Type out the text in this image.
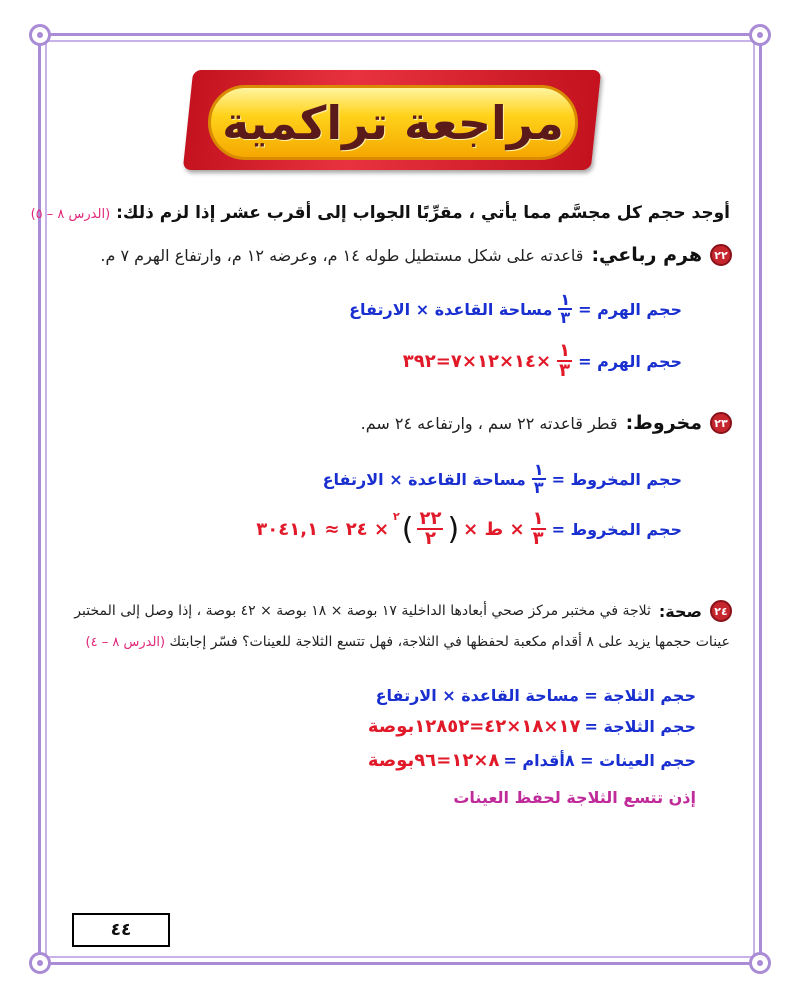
مراجعة تراكمية
أوجد حجم كل مجسَّم مما يأتي ، مقرِّبًا الجواب إلى أقرب عشر إذا لزم ذلك: (الدرس ٨ – ٥)
٢٢
هرم رباعي:
قاعدته على شكل مستطيل طوله ١٤ م، وعرضه ١٢ م، وارتفاع الهرم ٧ م.
حجم الهرم =
$\frac{١}{٣}$
مساحة القاعدة × الارتفاع
حجم الهرم =
$\frac{١}{٣}$
×١٤×١٢×٧=٣٩٢
٢٣
مخروط:
قطر قاعدته ٢٢ سم ، وارتفاعه ٢٤ سم.
حجم المخروط =
$\frac{١}{٣}$
مساحة القاعدة × الارتفاع
حجم المخروط =
$\frac{١}{٣}$
× ط ×
(
$\frac{٢٢}{٢}$
)
٢
× ٢٤ ≈ ٣٠٤١,١
٢٤
صحة:
ثلاجة في مختبر مركز صحي أبعادها الداخلية ١٧ بوصة × ١٨ بوصة × ٤٢ بوصة ، إذا وصل إلى المختبر
عينات حجمها يزيد على ٨ أقدام مكعبة لحفظها في الثلاجة، فهل تتسع الثلاجة للعينات؟ فسّر إجابتك (الدرس ٨ – ٤)
حجم الثلاجة = مساحة القاعدة × الارتفاع
حجم الثلاجة =
١٧×١٨×٤٢=١٢٨٥٢بوصة
حجم العينات = ٨أقدام =
٨×١٢=٩٦بوصة
إذن تتسع الثلاجة لحفظ العينات
٤٤
